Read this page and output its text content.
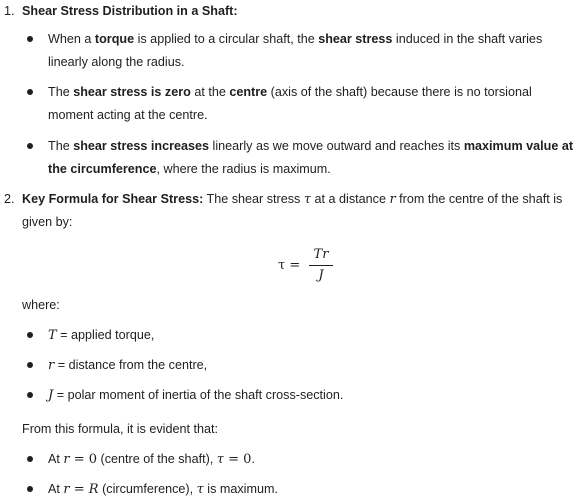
1. Shear Stress Distribution in a Shaft:
When a torque is applied to a circular shaft, the shear stress induced in the shaft varies
linearly along the radius.
The shear stress is zero at the centre (axis of the shaft) because there is no torsional
moment acting at the centre.
The shear stress increases linearly as we move outward and reaches its maximum value at
the circumference, where the radius is maximum.
2. Key Formula for Shear Stress: The shear stress τ at a distance r from the centre of the shaft is
given by:
τ =
Tr
J
where:
T = applied torque,
r = distance from the centre,
J = polar moment of inertia of the shaft cross-section.
From this formula, it is evident that:
At r = 0 (centre of the shaft), τ = 0.
At r = R (circumference), τ is maximum.
